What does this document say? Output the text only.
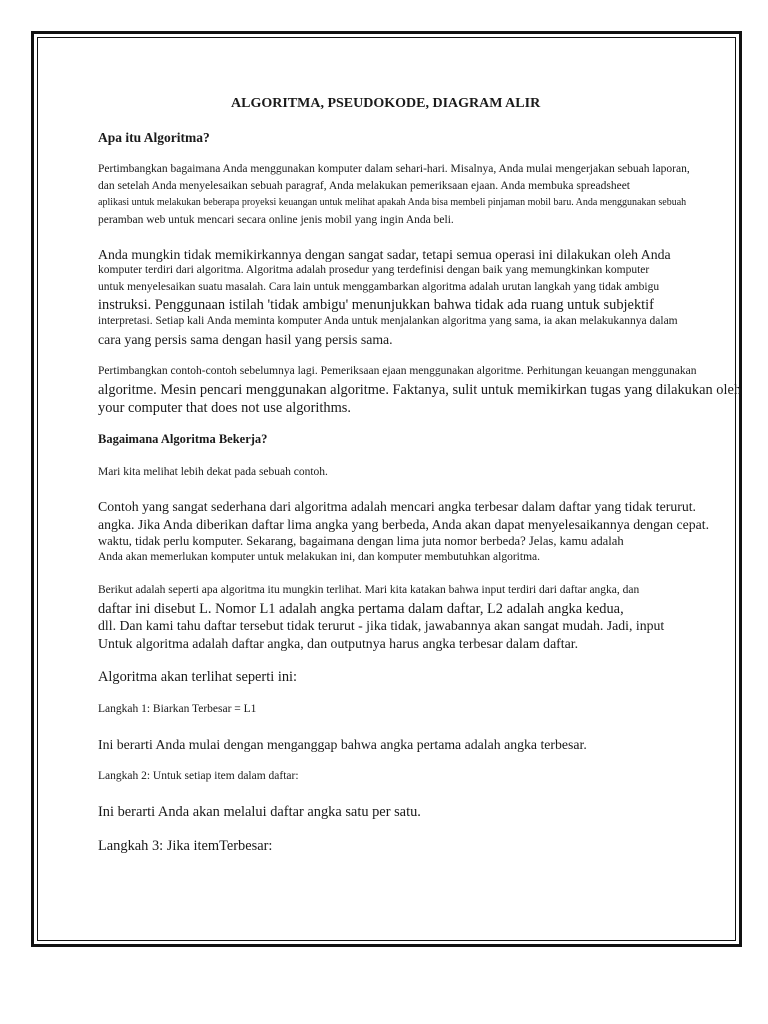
ALGORITMA, PSEUDOKODE, DIAGRAM ALIR
Apa itu Algoritma?
Pertimbangkan bagaimana Anda menggunakan komputer dalam sehari-hari. Misalnya, Anda mulai mengerjakan sebuah laporan,
dan setelah Anda menyelesaikan sebuah paragraf, Anda melakukan pemeriksaan ejaan. Anda membuka spreadsheet
aplikasi untuk melakukan beberapa proyeksi keuangan untuk melihat apakah Anda bisa membeli pinjaman mobil baru. Anda menggunakan sebuah
peramban web untuk mencari secara online jenis mobil yang ingin Anda beli.
Anda mungkin tidak memikirkannya dengan sangat sadar, tetapi semua operasi ini dilakukan oleh Anda
komputer terdiri dari algoritma. Algoritma adalah prosedur yang terdefinisi dengan baik yang memungkinkan komputer
untuk menyelesaikan suatu masalah. Cara lain untuk menggambarkan algoritma adalah urutan langkah yang tidak ambigu
instruksi. Penggunaan istilah 'tidak ambigu' menunjukkan bahwa tidak ada ruang untuk subjektif
interpretasi. Setiap kali Anda meminta komputer Anda untuk menjalankan algoritma yang sama, ia akan melakukannya dalam
cara yang persis sama dengan hasil yang persis sama.
Pertimbangkan contoh-contoh sebelumnya lagi. Pemeriksaan ejaan menggunakan algoritme. Perhitungan keuangan menggunakan
algoritme. Mesin pencari menggunakan algoritme. Faktanya, sulit untuk memikirkan tugas yang dilakukan oleh
your computer that does not use algorithms.
Bagaimana Algoritma Bekerja?
Mari kita melihat lebih dekat pada sebuah contoh.
Contoh yang sangat sederhana dari algoritma adalah mencari angka terbesar dalam daftar yang tidak terurut.
angka. Jika Anda diberikan daftar lima angka yang berbeda, Anda akan dapat menyelesaikannya dengan cepat.
waktu, tidak perlu komputer. Sekarang, bagaimana dengan lima juta nomor berbeda? Jelas, kamu adalah
Anda akan memerlukan komputer untuk melakukan ini, dan komputer membutuhkan algoritma.
Berikut adalah seperti apa algoritma itu mungkin terlihat. Mari kita katakan bahwa input terdiri dari daftar angka, dan
daftar ini disebut L. Nomor L1 adalah angka pertama dalam daftar, L2 adalah angka kedua,
dll. Dan kami tahu daftar tersebut tidak terurut - jika tidak, jawabannya akan sangat mudah. Jadi, input
Untuk algoritma adalah daftar angka, dan outputnya harus angka terbesar dalam daftar.
Algoritma akan terlihat seperti ini:
Langkah 1: Biarkan Terbesar = L1
Ini berarti Anda mulai dengan menganggap bahwa angka pertama adalah angka terbesar.
Langkah 2: Untuk setiap item dalam daftar:
Ini berarti Anda akan melalui daftar angka satu per satu.
Langkah 3: Jika itemTerbesar:
